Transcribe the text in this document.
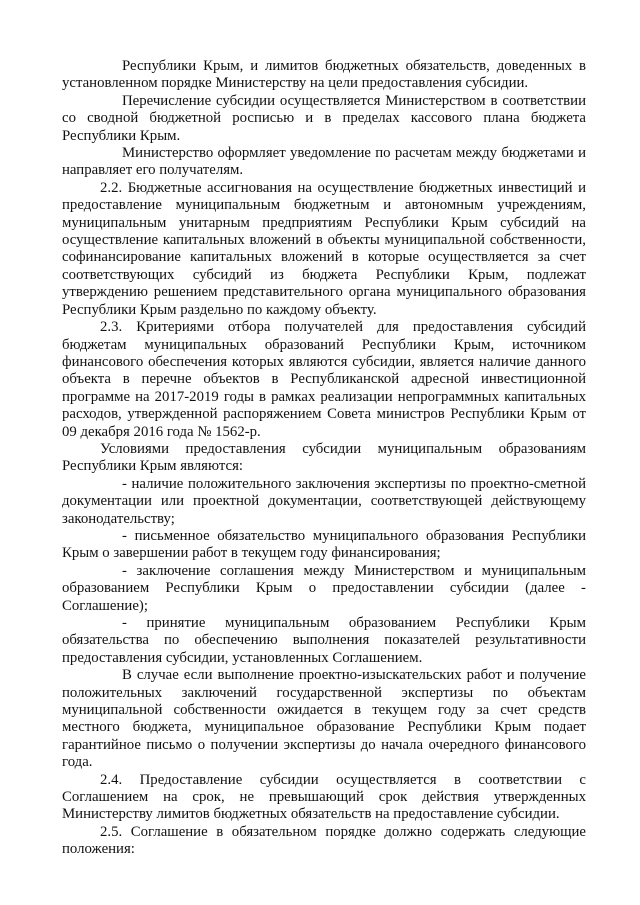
Республики Крым, и лимитов бюджетных обязательств, доведенных в установленном порядке Министерству на цели предоставления субсидии.

Перечисление субсидии осуществляется Министерством в соответствии со сводной бюджетной росписью и в пределах кассового плана бюджета Республики Крым.

Министерство оформляет уведомление по расчетам между бюджетами и направляет его получателям.

2.2. Бюджетные ассигнования на осуществление бюджетных инвестиций и предоставление муниципальным бюджетным и автономным учреждениям, муниципальным унитарным предприятиям Республики Крым субсидий на осуществление капитальных вложений в объекты муниципальной собственности, софинансирование капитальных вложений в которые осуществляется за счет соответствующих субсидий из бюджета Республики Крым, подлежат утверждению решением представительного органа муниципального образования Республики Крым раздельно по каждому объекту.

2.3. Критериями отбора получателей для предоставления субсидий бюджетам муниципальных образований Республики Крым, источником финансового обеспечения которых являются субсидии, является наличие данного объекта в перечне объектов в Республиканской адресной инвестиционной программе на 2017-2019 годы в рамках реализации непрограммных капитальных расходов, утвержденной распоряжением Совета министров Республики Крым от 09 декабря 2016 года № 1562-р.

Условиями предоставления субсидии муниципальным образованиям Республики Крым являются:

- наличие положительного заключения экспертизы по проектно-сметной документации или проектной документации, соответствующей действующему законодательству;

- письменное обязательство муниципального образования Республики Крым о завершении работ в текущем году финансирования;

- заключение соглашения между Министерством и муниципальным образованием Республики Крым о предоставлении субсидии (далее - Соглашение);

- принятие муниципальным образованием Республики Крым обязательства по обеспечению выполнения показателей результативности предоставления субсидии, установленных Соглашением.

В случае если выполнение проектно-изыскательских работ и получение положительных заключений государственной экспертизы по объектам муниципальной собственности ожидается в текущем году за счет средств местного бюджета, муниципальное образование Республики Крым подает гарантийное письмо о получении экспертизы до начала очередного финансового года.

2.4. Предоставление субсидии осуществляется в соответствии с Соглашением на срок, не превышающий срок действия утвержденных Министерству лимитов бюджетных обязательств на предоставление субсидии.

2.5. Соглашение в обязательном порядке должно содержать следующие положения:
